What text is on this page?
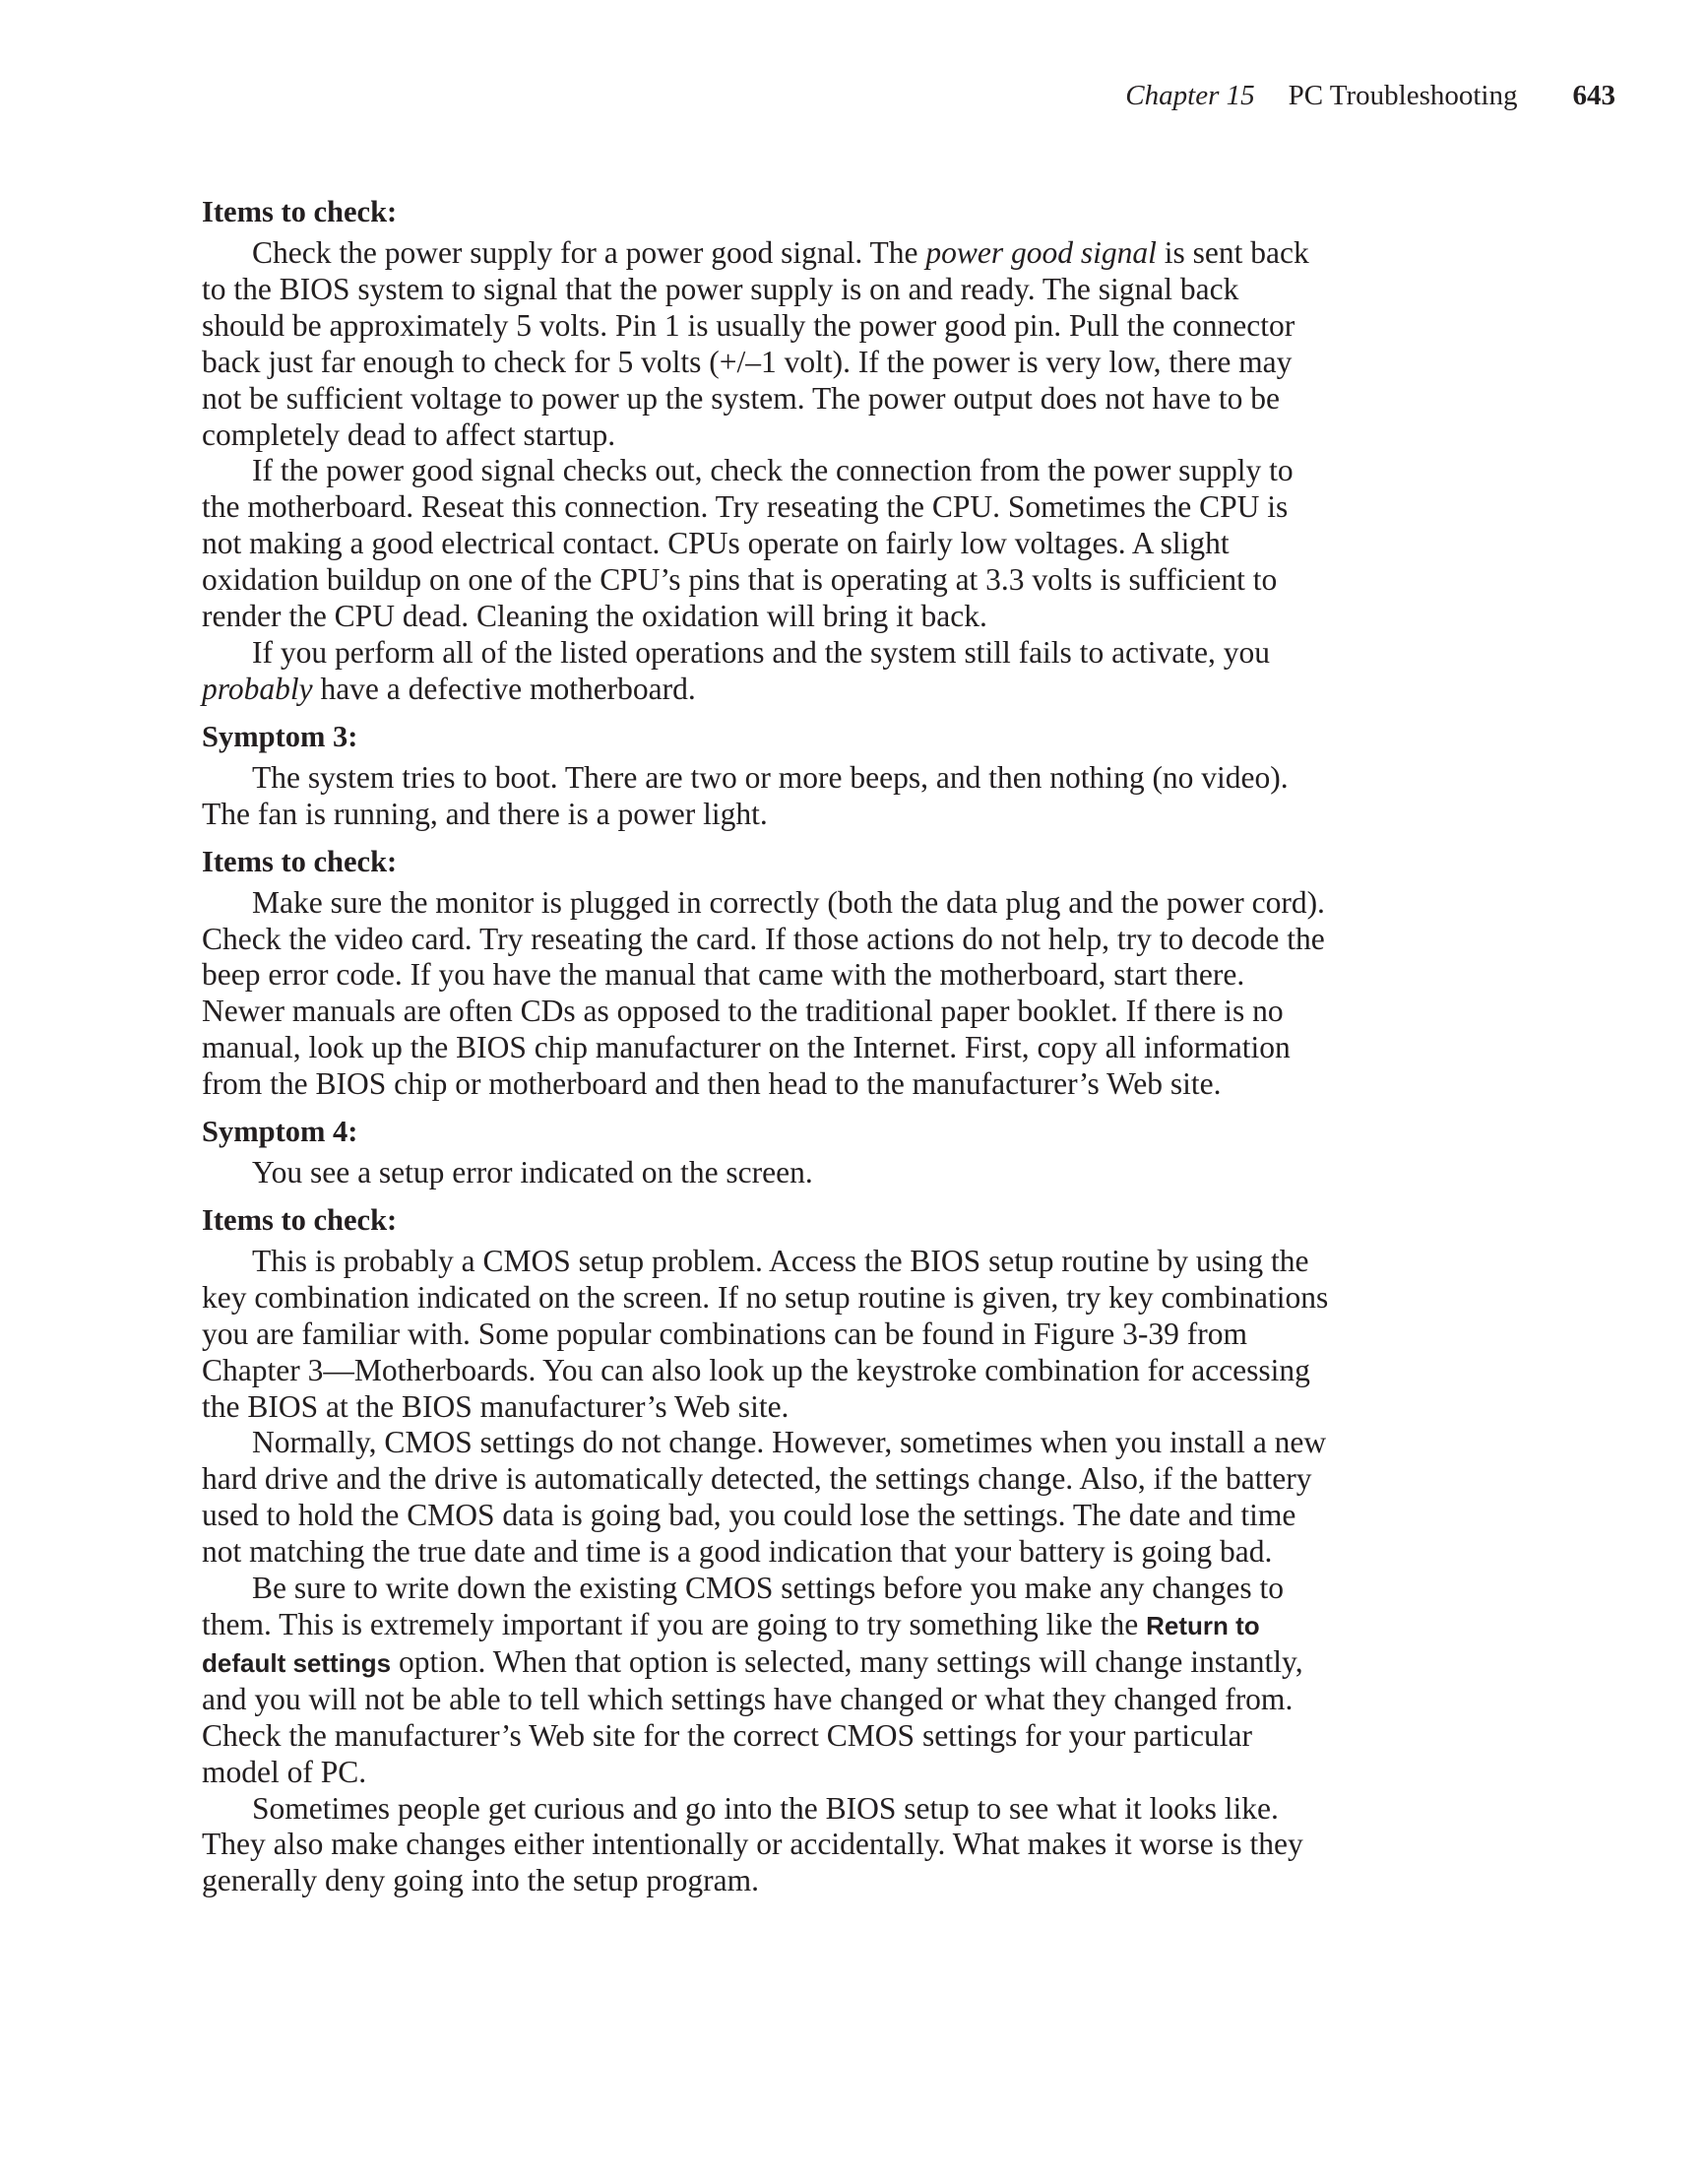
Chapter 15 PC Troubleshooting 643

Items to check:

Check the power supply for a power good signal. The power good signal is sent back to the BIOS system to signal that the power supply is on and ready. The signal back should be approximately 5 volts. Pin 1 is usually the power good pin. Pull the connector back just far enough to check for 5 volts (+/–1 volt). If the power is very low, there may not be sufficient voltage to power up the system. The power output does not have to be completely dead to affect startup.

If the power good signal checks out, check the connection from the power supply to the motherboard. Reseat this connection. Try reseating the CPU. Sometimes the CPU is not making a good electrical contact. CPUs operate on fairly low voltages. A slight oxidation buildup on one of the CPU’s pins that is operating at 3.3 volts is sufficient to render the CPU dead. Cleaning the oxidation will bring it back.

If you perform all of the listed operations and the system still fails to activate, you probably have a defective motherboard.

Symptom 3:

The system tries to boot. There are two or more beeps, and then nothing (no video). The fan is running, and there is a power light.

Items to check:

Make sure the monitor is plugged in correctly (both the data plug and the power cord). Check the video card. Try reseating the card. If those actions do not help, try to decode the beep error code. If you have the manual that came with the motherboard, start there. Newer manuals are often CDs as opposed to the traditional paper booklet. If there is no manual, look up the BIOS chip manufacturer on the Internet. First, copy all information from the BIOS chip or motherboard and then head to the manufacturer’s Web site.

Symptom 4:

You see a setup error indicated on the screen.

Items to check:

This is probably a CMOS setup problem. Access the BIOS setup routine by using the key combination indicated on the screen. If no setup routine is given, try key combinations you are familiar with. Some popular combinations can be found in Figure 3-39 from Chapter 3—Motherboards. You can also look up the keystroke combination for accessing the BIOS at the BIOS manufacturer’s Web site.

Normally, CMOS settings do not change. However, sometimes when you install a new hard drive and the drive is automatically detected, the settings change. Also, if the battery used to hold the CMOS data is going bad, you could lose the settings. The date and time not matching the true date and time is a good indication that your battery is going bad.

Be sure to write down the existing CMOS settings before you make any changes to them. This is extremely important if you are going to try something like the Return to default settings option. When that option is selected, many settings will change instantly, and you will not be able to tell which settings have changed or what they changed from. Check the manufacturer’s Web site for the correct CMOS settings for your particular model of PC.

Sometimes people get curious and go into the BIOS setup to see what it looks like. They also make changes either intentionally or accidentally. What makes it worse is they generally deny going into the setup program.
